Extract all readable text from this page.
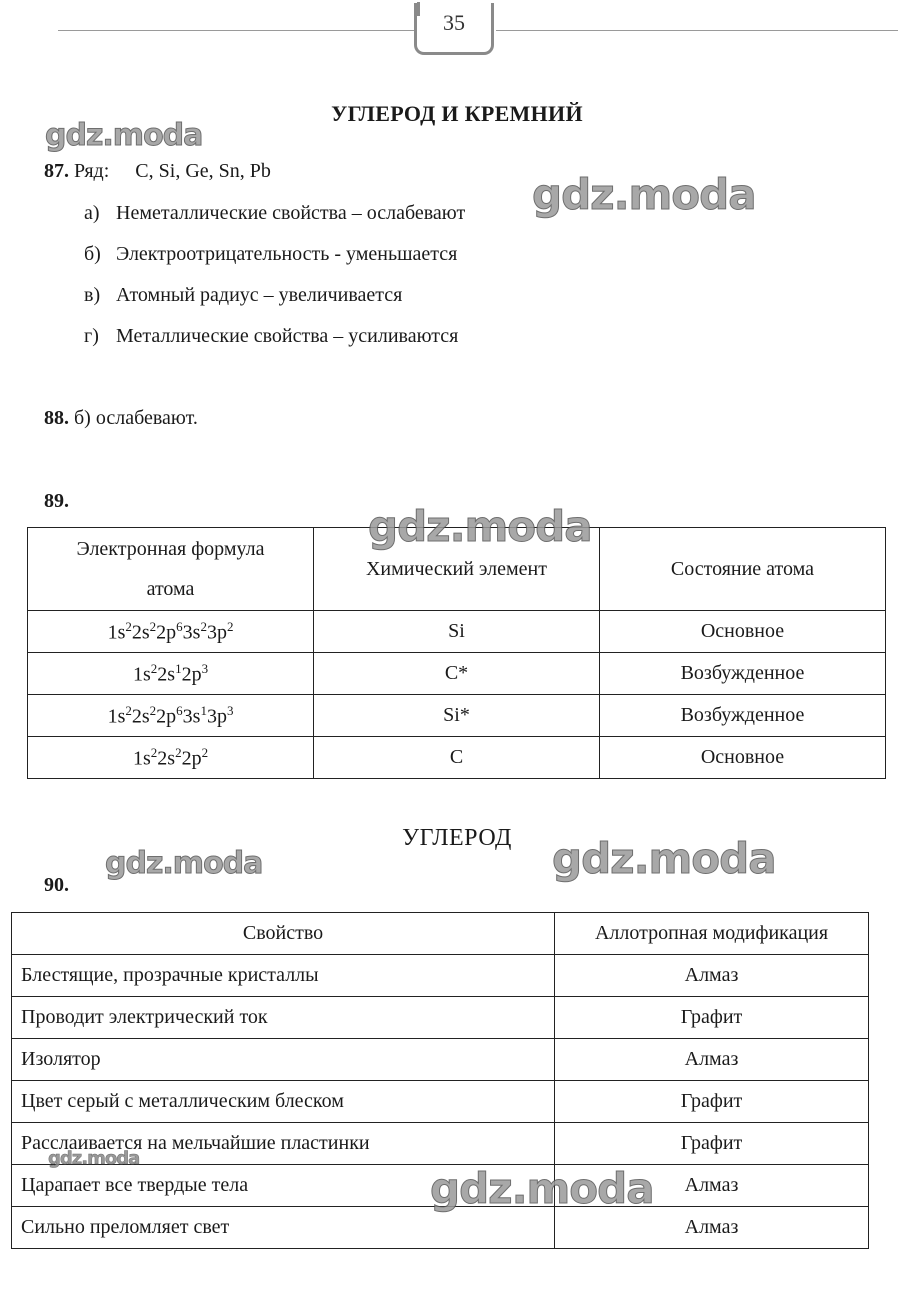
35
УГЛЕРОД И КРЕМНИЙ
87. Ряд: C, Si, Ge, Sn, Pb
а) Неметаллические свойства – ослабевают
б) Электроотрицательность - уменьшается
в) Атомный радиус – увеличивается
г) Металлические свойства – усиливаются
88. б) ослабевают.
89.
Электронная формула
атома	Химический элемент	Состояние атома
$1s^22s^22p^63s^23p^2$	Si	Основное
$1s^22s^12p^3$	C*	Возбужденное
$1s^22s^22p^63s^13p^3$	Si*	Возбужденное
$1s^22s^22p^2$	C	Основное
УГЛЕРОД
90.
Свойство	Аллотропная модификация
Блестящие, прозрачные кристаллы	Алмаз
Проводит электрический ток	Графит
Изолятор	Алмаз
Цвет серый с металлическим блеском	Графит
Расслаивается на мельчайшие пластинки	Графит
Царапает все твердые тела	Алмаз
Сильно преломляет свет	Алмаз
gdz.moda
gdz.moda
gdz.moda
gdz.moda	gdz.moda
gdz.moda
gdz.moda
